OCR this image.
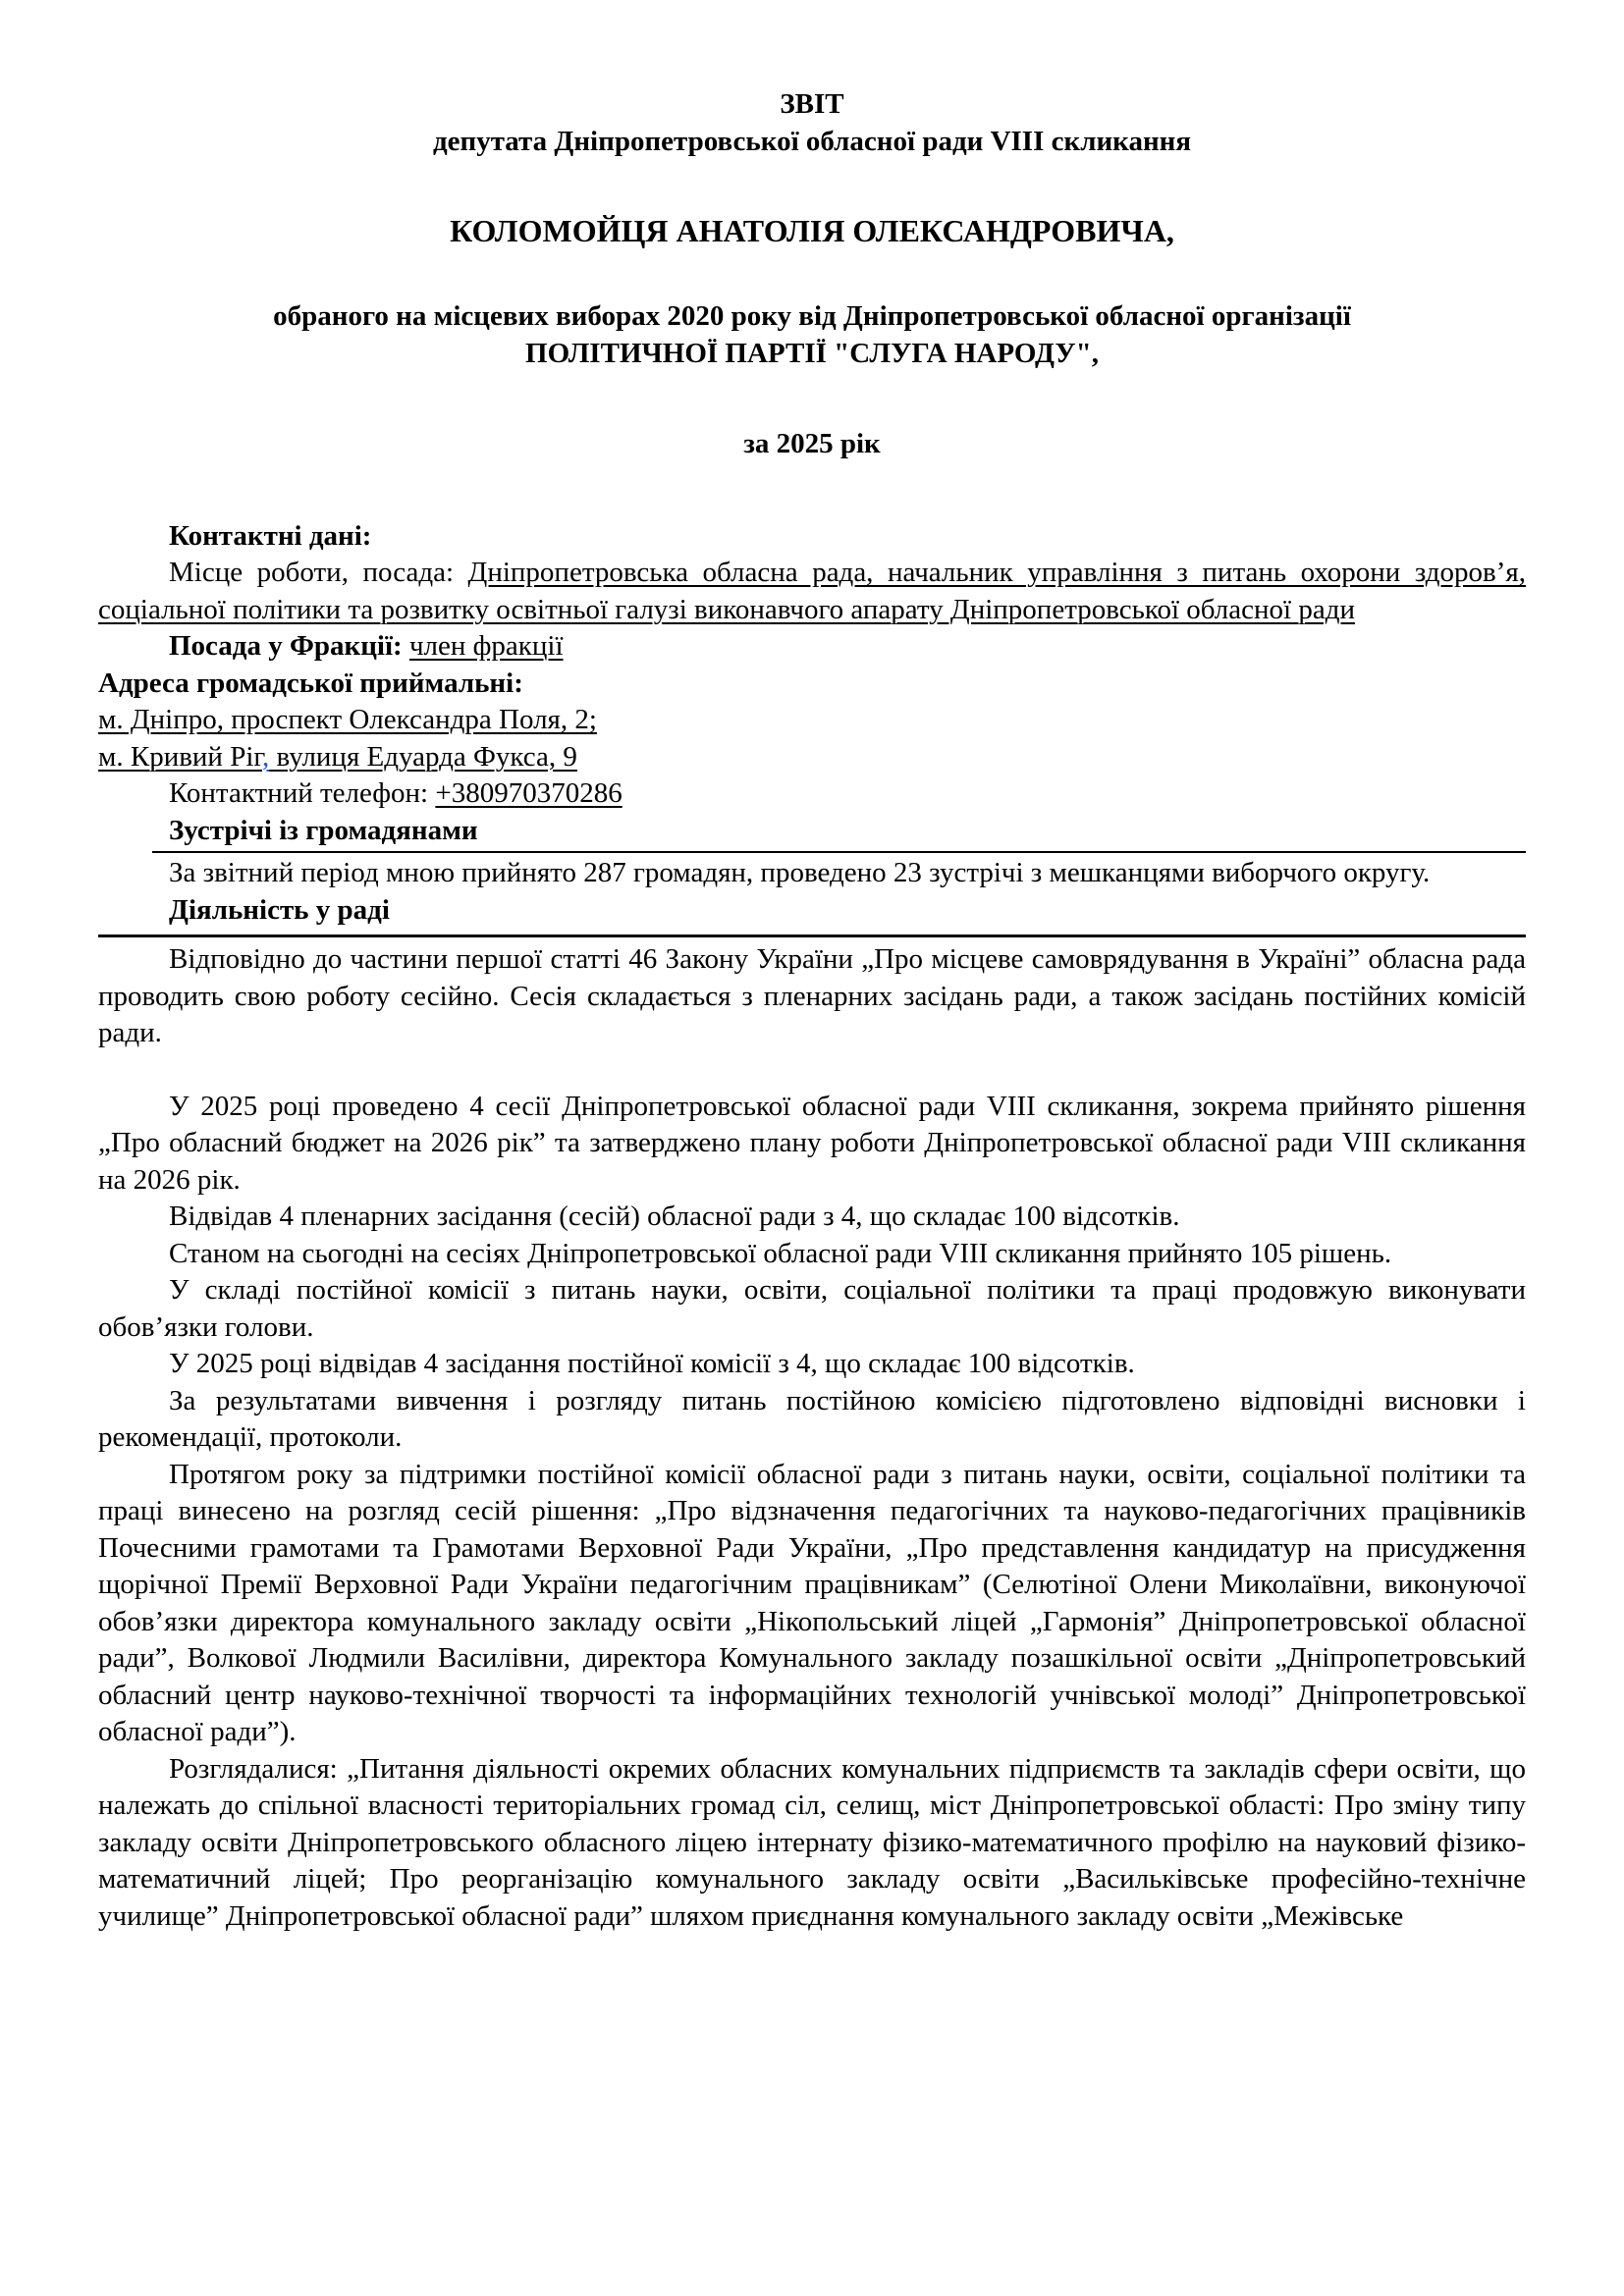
ЗВІТ
депутата Дніпропетровської обласної ради VIII скликання
КОЛОМОЙЦЯ АНАТОЛІЯ ОЛЕКСАНДРОВИЧА,
обраного на місцевих виборах 2020 року від Дніпропетровської обласної організації
ПОЛІТИЧНОЇ ПАРТІЇ "СЛУГА НАРОДУ",
за 2025 рік
Контактні дані:

Місце роботи, посада: Дніпропетровська обласна рада, начальник управління з питань охорони здоров’я, соціальної політики та розвитку освітньої галузі виконавчого апарату Дніпропетровської обласної ради

Посада у Фракції: член фракції
Адреса громадської приймальні:
м. Дніпро, проспект Олександра Поля, 2;
м. Кривий Ріг, вулиця Едуарда Фукса, 9
Контактний телефон: +380970370286
Зустрічі із громадянами

За звітний період мною прийнято 287 громадян, проведено 23 зустрічі з мешканцями виборчого округу.

Діяльність у раді

Відповідно до частини першої статті 46 Закону України „Про місцеве самоврядування в Україні” обласна рада проводить свою роботу сесійно. Сесія складається з пленарних засідань ради, а також засідань постійних комісій ради.

У 2025 році проведено 4 сесії Дніпропетровської обласної ради VIII скликання, зокрема прийнято рішення „Про обласний бюджет на 2026 рік” та затверджено плану роботи Дніпропетровської обласної ради VIII скликання на 2026 рік.

Відвідав 4 пленарних засідання (сесій) обласної ради з 4, що складає 100 відсотків.

Станом на сьогодні на сесіях Дніпропетровської обласної ради VIII скликання прийнято 105 рішень.

У складі постійної комісії з питань науки, освіти, соціальної політики та праці продовжую виконувати обов’язки голови.

У 2025 році відвідав 4 засідання постійної комісії з 4, що складає 100 відсотків.

За результатами вивчення і розгляду питань постійною комісією підготовлено відповідні висновки і рекомендації, протоколи.

Протягом року за підтримки постійної комісії обласної ради з питань науки, освіти, соціальної політики та праці винесено на розгляд сесій рішення: „Про відзначення педагогічних та науково-педагогічних працівників Почесними грамотами та Грамотами Верховної Ради України, „Про представлення кандидатур на присудження щорічної Премії Верховної Ради України педагогічним працівникам” (Селютіної Олени Миколаївни, виконуючої обов’язки директора комунального закладу освіти „Нікопольський ліцей „Гармонія” Дніпропетровської обласної ради”, Волкової Людмили Василівни, директора Комунального закладу позашкільної освіти „Дніпропетровський обласний центр науково-технічної творчості та інформаційних технологій учнівської молоді” Дніпропетровської обласної ради”).

Розглядалися: „Питання діяльності окремих обласних комунальних підприємств та закладів сфери освіти, що належать до спільної власності територіальних громад сіл, селищ, міст Дніпропетровської області: Про зміну типу закладу освіти Дніпропетровського обласного ліцею інтернату фізико-математичного профілю на науковий фізико-математичний ліцей; Про реорганізацію комунального закладу освіти „Васильківське професійно-технічне училище” Дніпропетровської обласної ради” шляхом приєднання комунального закладу освіти „Межівське
